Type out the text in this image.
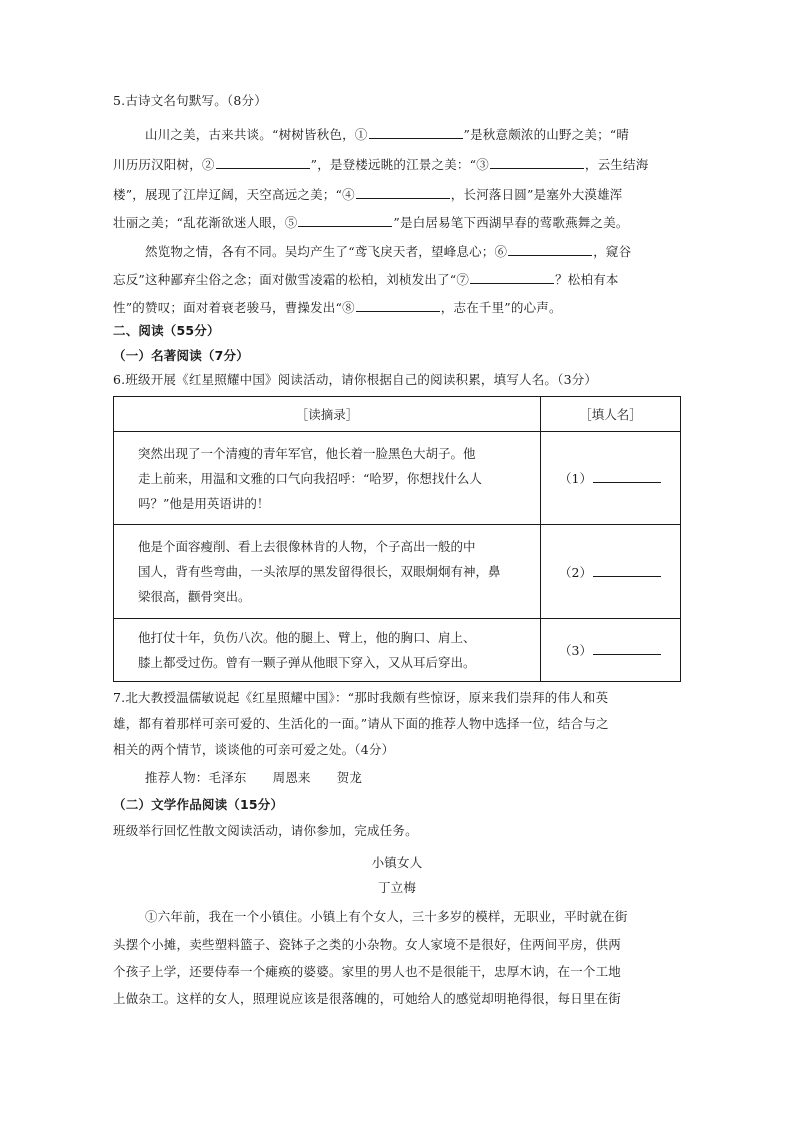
5.古诗文名句默写。（8分）
山川之美，古来共谈。“树树皆秋色，①	”是秋意颇浓的山野之美；“晴
川历历汉阳树，②	”，是登楼远眺的江景之美：“③	，云生结海
楼”，展现了江岸辽阔，天空高远之美；“④	，长河落日圆”是塞外大漠雄浑
壮丽之美；“乱花渐欲迷人眼，⑤	”是白居易笔下西湖早春的莺歌燕舞之美。
然览物之情，各有不同。吴均产生了“鸢飞戾天者，望峰息心；⑥	，窥谷
忘反”这种鄙弃尘俗之念；面对傲雪凌霜的松柏，刘桢发出了“⑦	？松柏有本
性”的赞叹；面对着衰老骏马，曹操发出“⑧	，志在千里”的心声。
二、阅读（55分）
（一）名著阅读（7分）
6.班级开展《红星照耀中国》阅读活动，请你根据自己的阅读积累，填写人名。（3分）
［读摘录］	［填人名］

突然出现了一个清瘦的青年军官，他长着一脸黑色大胡子。他
走上前来，用温和文雅的口气向我招呼：“哈罗，你想找什么人
吗？”他是用英语讲的！	（1）

他是个面容瘦削、看上去很像林肯的人物，个子高出一般的中
国人，背有些弯曲，一头浓厚的黑发留得很长，双眼炯炯有神，鼻
梁很高，颧骨突出。	（2）

他打仗十年，负伤八次。他的腿上、臂上，他的胸口、肩上、
膝上都受过伤。曾有一颗子弹从他眼下穿入，又从耳后穿出。	（3）
7.北大教授温儒敏说起《红星照耀中国》：“那时我颇有些惊讶，原来我们崇拜的伟人和英
雄，都有着那样可亲可爱的、生活化的一面。”请从下面的推荐人物中选择一位，结合与之
相关的两个情节，谈谈他的可亲可爱之处。（4分）
推荐人物：毛泽东 周恩来 贺龙
（二）文学作品阅读（15分）
班级举行回忆性散文阅读活动，请你参加，完成任务。
小镇女人
丁立梅
①六年前，我在一个小镇住。小镇上有个女人，三十多岁的模样，无职业，平时就在街
头摆个小摊，卖些塑料篮子、瓷钵子之类的小杂物。女人家境不是很好，住两间平房，供两
个孩子上学，还要侍奉一个瘫痪的婆婆。家里的男人也不是很能干，忠厚木讷，在一个工地
上做杂工。这样的女人，照理说应该是很落魄的，可她给人的感觉却明艳得很，每日里在街
